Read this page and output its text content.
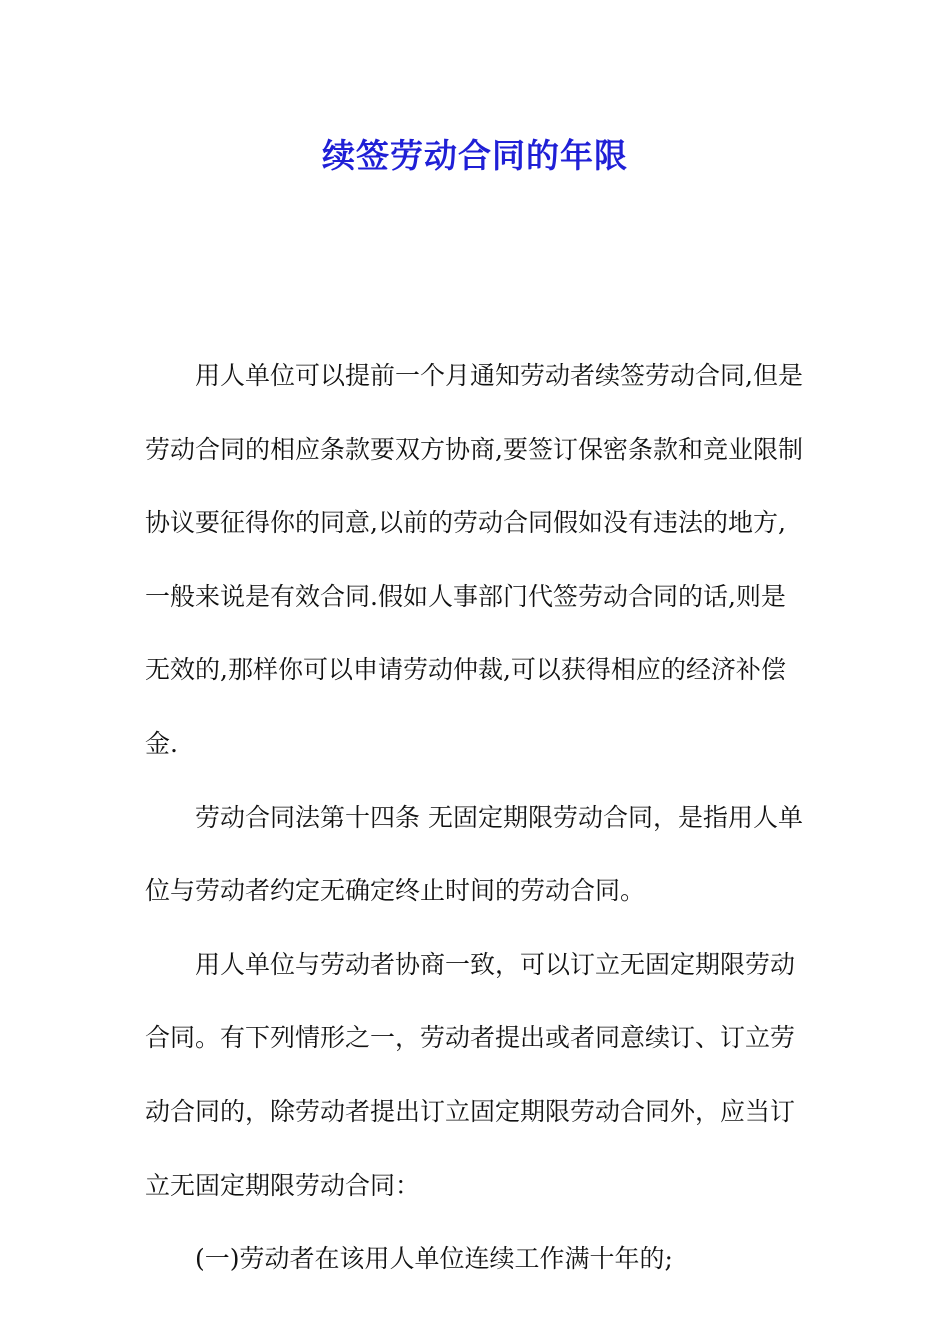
续签劳动合同的年限

用人单位可以提前一个月通知劳动者续签劳动合同,但是劳动合同的相应条款要双方协商,要签订保密条款和竞业限制协议要征得你的同意,以前的劳动合同假如没有违法的地方,一般来说是有效合同.假如人事部门代签劳动合同的话,则是无效的,那样你可以申请劳动仲裁,可以获得相应的经济补偿金.

劳动合同法第十四条 无固定期限劳动合同，是指用人单位与劳动者约定无确定终止时间的劳动合同。

用人单位与劳动者协商一致，可以订立无固定期限劳动合同。有下列情形之一，劳动者提出或者同意续订、订立劳动合同的，除劳动者提出订立固定期限劳动合同外，应当订立无固定期限劳动合同：

(一)劳动者在该用人单位连续工作满十年的;
